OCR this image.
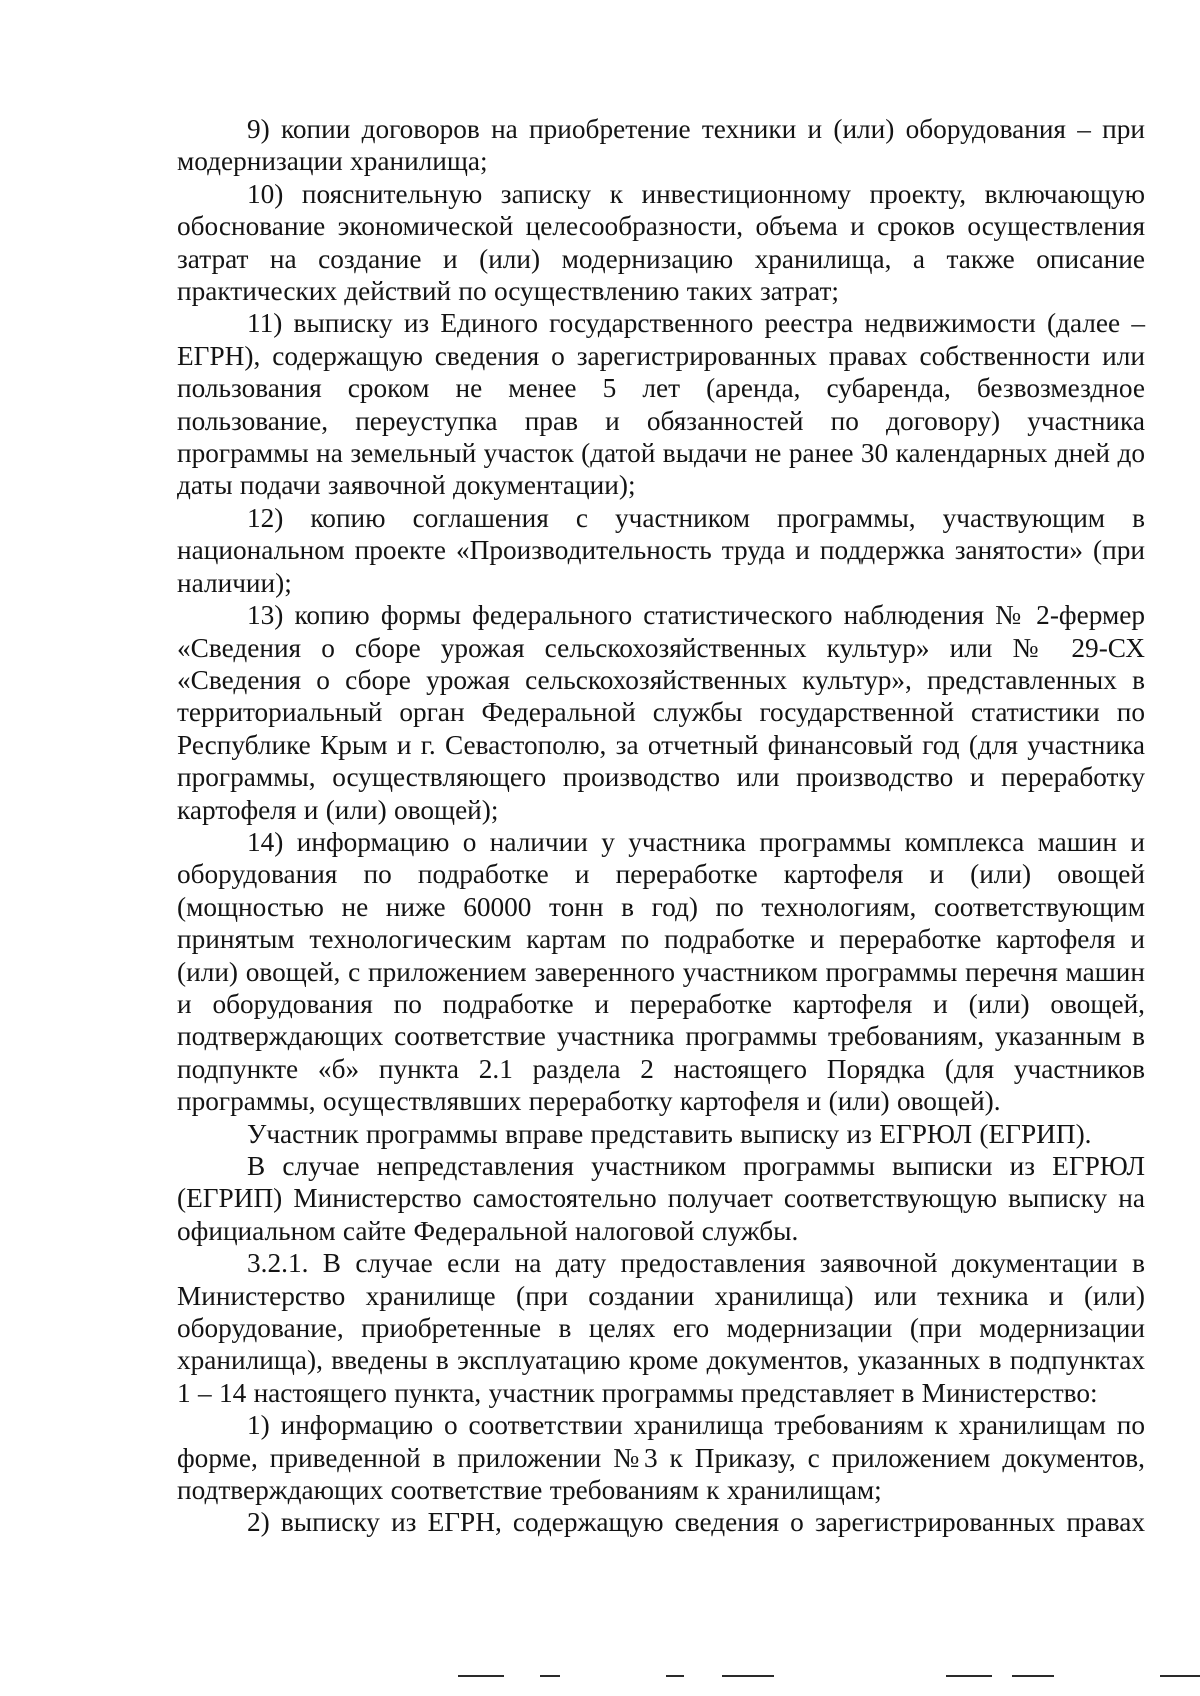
9) копии договоров на приобретение техники и (или) оборудования – при модернизации хранилища;

10) пояснительную записку к инвестиционному проекту, включающую обоснование экономической целесообразности, объема и сроков осуществления затрат на создание и (или) модернизацию хранилища, а также описание практических действий по осуществлению таких затрат;

11) выписку из Единого государственного реестра недвижимости (далее – ЕГРН), содержащую сведения о зарегистрированных правах собственности или пользования сроком не менее 5 лет (аренда, субаренда, безвозмездное пользование, переуступка прав и обязанностей по договору) участника программы на земельный участок (датой выдачи не ранее 30 календарных дней до даты подачи заявочной документации);

12) копию соглашения с участником программы, участвующим в национальном проекте «Производительность труда и поддержка занятости» (при наличии);

13) копию формы федерального статистического наблюдения № 2-фермер «Сведения о сборе урожая сельскохозяйственных культур» или № 29-СХ «Сведения о сборе урожая сельскохозяйственных культур», представленных в территориальный орган Федеральной службы государственной статистики по Республике Крым и г. Севастополю, за отчетный финансовый год (для участника программы, осуществляющего производство или производство и переработку картофеля и (или) овощей);

14) информацию о наличии у участника программы комплекса машин и оборудования по подработке и переработке картофеля и (или) овощей (мощностью не ниже 60000 тонн в год) по технологиям, соответствующим принятым технологическим картам по подработке и переработке картофеля и (или) овощей, с приложением заверенного участником программы перечня машин и оборудования по подработке и переработке картофеля и (или) овощей, подтверждающих соответствие участника программы требованиям, указанным в подпункте «б» пункта 2.1 раздела 2 настоящего Порядка (для участников программы, осуществлявших переработку картофеля и (или) овощей).

Участник программы вправе представить выписку из ЕГРЮЛ (ЕГРИП).

В случае непредставления участником программы выписки из ЕГРЮЛ (ЕГРИП) Министерство самостоятельно получает соответствующую выписку на официальном сайте Федеральной налоговой службы.

3.2.1. В случае если на дату предоставления заявочной документации в Министерство хранилище (при создании хранилища) или техника и (или) оборудование, приобретенные в целях его модернизации (при модернизации хранилища), введены в эксплуатацию кроме документов, указанных в подпунктах 1 – 14 настоящего пункта, участник программы представляет в Министерство:

1) информацию о соответствии хранилища требованиям к хранилищам по форме, приведенной в приложении №3 к Приказу, с приложением документов, подтверждающих соответствие требованиям к хранилищам;

2) выписку из ЕГРН, содержащую сведения о зарегистрированных правах
